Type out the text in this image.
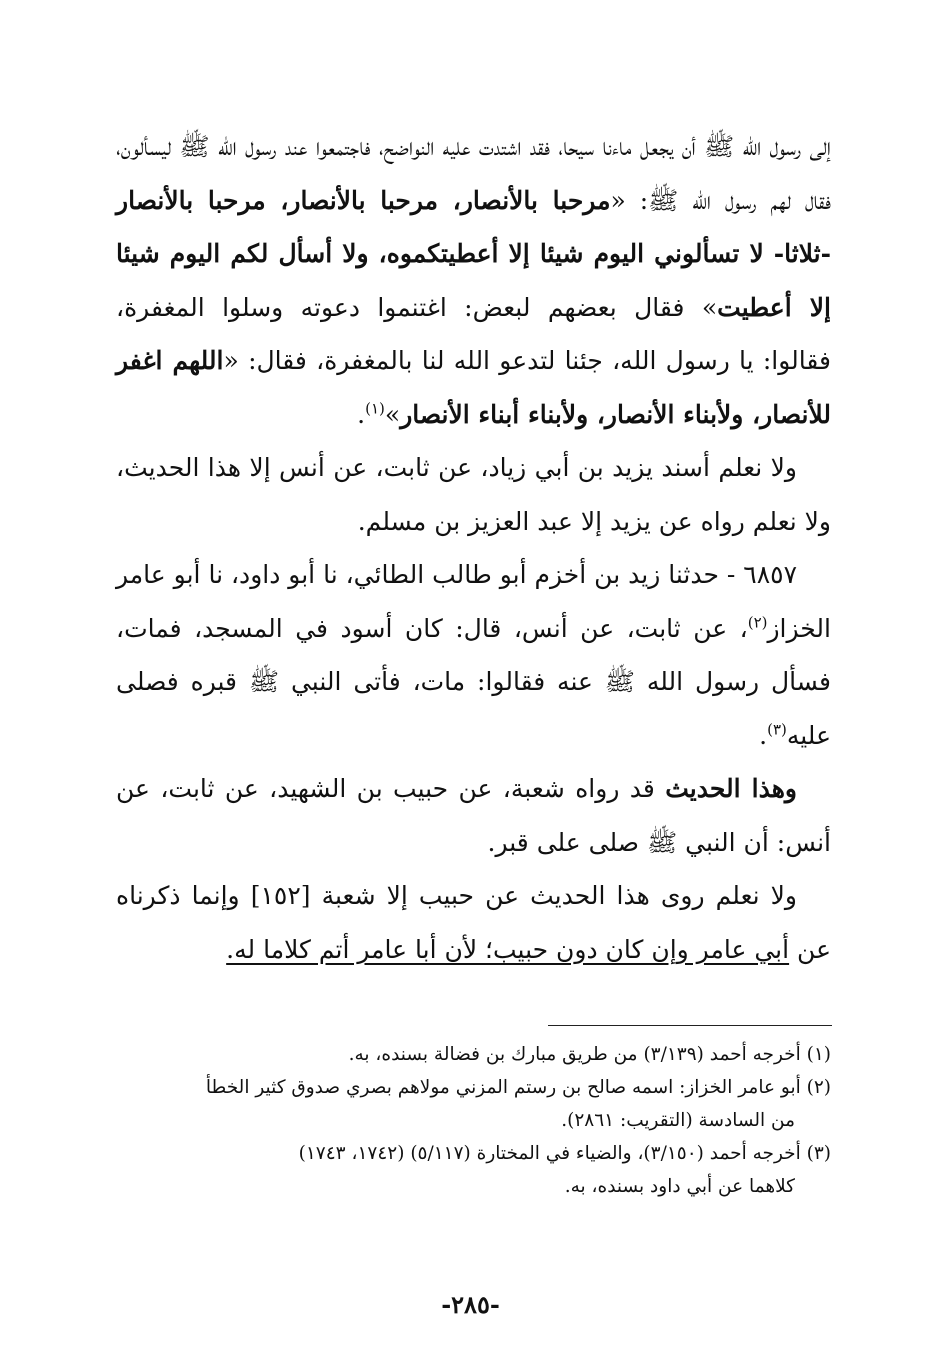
إلى رسول الله ﷺ أن يجعل ماءنا سيحا، فقد اشتدت عليه النواضح، فاجتمعوا عند رسول الله ﷺ ليسألون، فقال لهم رسول الله ﷺ: «مرحبا بالأنصار، مرحبا بالأنصار، مرحبا بالأنصار -ثلاثا- لا تسألوني اليوم شيئا إلا أعطيتكموه، ولا أسأل لكم اليوم شيئا إلا أعطيت» فقال بعضهم لبعض: اغتنموا دعوته وسلوا المغفرة، فقالوا: يا رسول الله، جئنا لتدعو الله لنا بالمغفرة، فقال: «اللهم اغفر للأنصار، ولأبناء الأنصار، ولأبناء أبناء الأنصار»$^{(١)}$.

ولا نعلم أسند يزيد بن أبي زياد، عن ثابت، عن أنس إلا هذا الحديث، ولا نعلم رواه عن يزيد إلا عبد العزيز بن مسلم.

٦٨٥٧ - حدثنا زيد بن أخزم أبو طالب الطائي، نا أبو داود، نا أبو عامر الخزاز$^{(٢)}$، عن ثابت، عن أنس، قال: كان أسود في المسجد، فمات، فسأل رسول الله ﷺ عنه فقالوا: مات، فأتى النبي ﷺ قبره فصلى عليه$^{(٣)}$.

وهذا الحديث قد رواه شعبة، عن حبيب بن الشهيد، عن ثابت، عن أنس: أن النبي ﷺ صلى على قبر.

ولا نعلم روى هذا الحديث عن حبيب إلا شعبة [١٥٢] وإنما ذكرناه عن أبي عامر وإن كان دون حبيب؛ لأن أبا عامر أتم كلاما له.

(١) أخرجه أحمد (٣/١٣٩) من طريق مبارك بن فضالة بسنده، به.

(٢) أبو عامر الخزاز: اسمه صالح بن رستم المزني مولاهم بصري صدوق كثير الخطأ

من السادسة (التقريب: ٢٨٦١).

(٣) أخرجه أحمد (٣/١٥٠)، والضياء في المختارة (٥/١١٧) (١٧٤٢، ١٧٤٣)

كلاهما عن أبي داود بسنده، به.

-٢٨٥-
